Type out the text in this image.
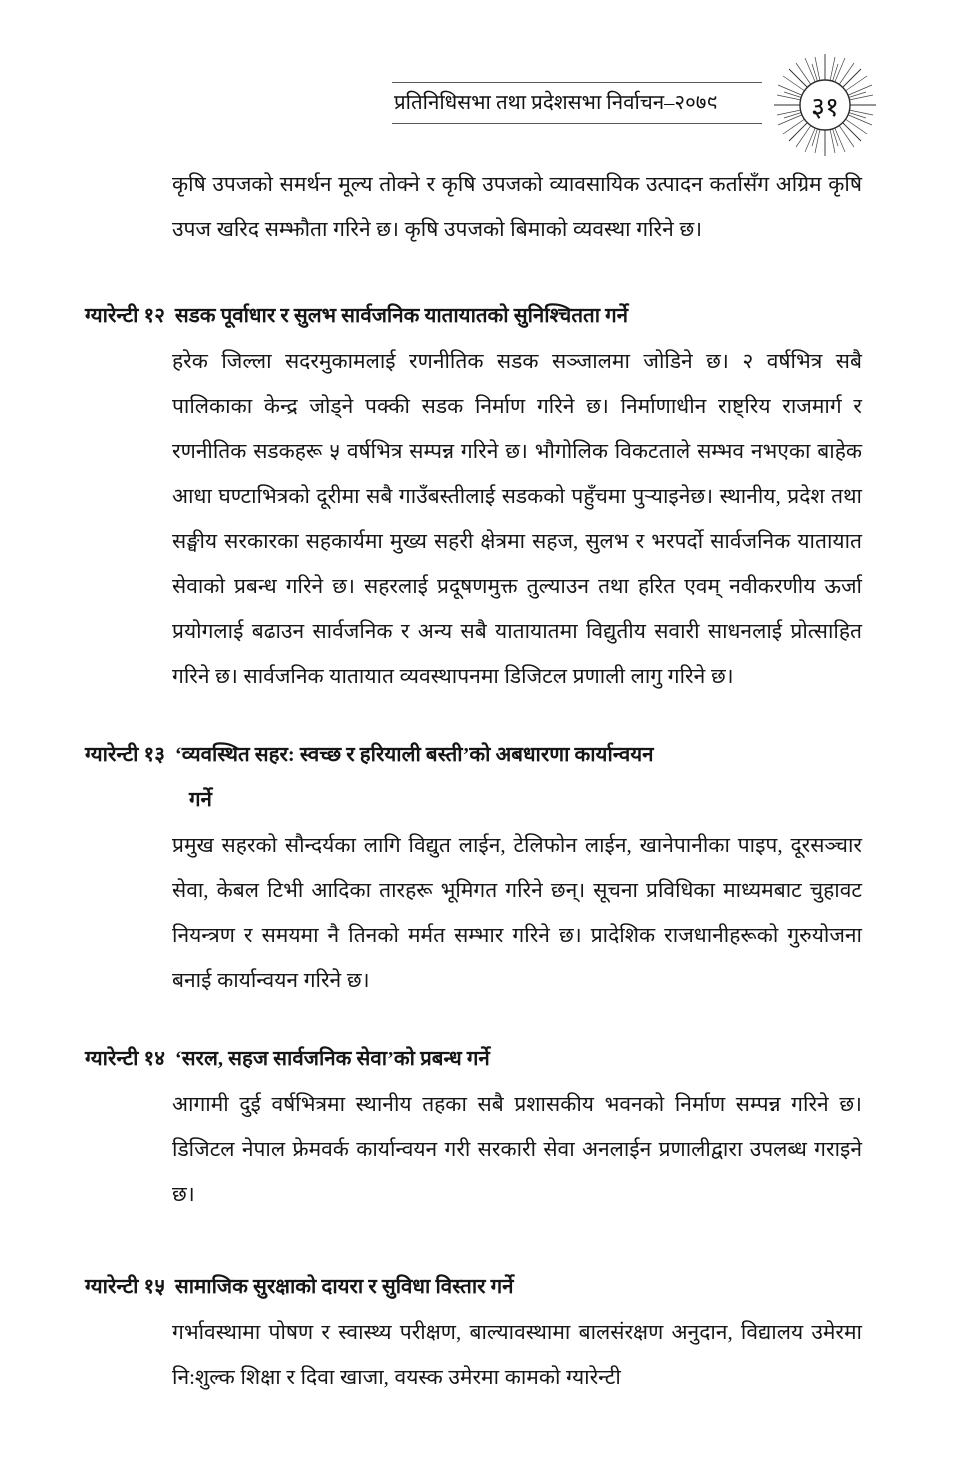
प्रतिनिधिसभा तथा प्रदेशसभा निर्वाचन–२०७९	३१

कृषि उपजको समर्थन मूल्य तोक्ने र कृषि उपजको व्यावसायिक उत्पादन कर्तासँग अग्रिम कृषि उपज खरिद सम्झौता गरिने छ। कृषि उपजको बिमाको व्यवस्था गरिने छ।

ग्यारेन्टी १२ सडक पूर्वाधार र सुलभ सार्वजनिक यातायातको सुनिश्चितता गर्ने

हरेक जिल्ला सदरमुकामलाई रणनीतिक सडक सञ्जालमा जोडिने छ। २ वर्षभित्र सबै पालिकाका केन्द्र जोड्ने पक्की सडक निर्माण गरिने छ। निर्माणाधीन राष्ट्रिय राजमार्ग र रणनीतिक सडकहरू ५ वर्षभित्र सम्पन्न गरिने छ। भौगोलिक विकटताले सम्भव नभएका बाहेक आधा घण्टाभित्रको दूरीमा सबै गाउँबस्तीलाई सडकको पहुँचमा पुऱ्याइनेछ। स्थानीय, प्रदेश तथा सङ्घीय सरकारका सहकार्यमा मुख्य सहरी क्षेत्रमा सहज, सुलभ र भरपर्दो सार्वजनिक यातायात सेवाको प्रबन्ध गरिने छ। सहरलाई प्रदूषणमुक्त तुल्याउन तथा हरित एवम् नवीकरणीय ऊर्जा प्रयोगलाई बढाउन सार्वजनिक र अन्य सबै यातायातमा विद्युतीय सवारी साधनलाई प्रोत्साहित गरिने छ। सार्वजनिक यातायात व्यवस्थापनमा डिजिटल प्रणाली लागु गरिने छ।

ग्यारेन्टी १३ ‘व्यवस्थित सहर: स्वच्छ र हरियाली बस्ती’को अबधारणा कार्यान्वयन
गर्ने

प्रमुख सहरको सौन्दर्यका लागि विद्युत लाईन, टेलिफोन लाईन, खानेपानीका पाइप, दूरसञ्चार सेवा, केबल टिभी आदिका तारहरू भूमिगत गरिने छन्। सूचना प्रविधिका माध्यमबाट चुहावट नियन्त्रण र समयमा नै तिनको मर्मत सम्भार गरिने छ। प्रादेशिक राजधानीहरूको गुरुयोजना बनाई कार्यान्वयन गरिने छ।

ग्यारेन्टी १४ ‘सरल, सहज सार्वजनिक सेवा’को प्रबन्ध गर्ने

आगामी दुई वर्षभित्रमा स्थानीय तहका सबै प्रशासकीय भवनको निर्माण सम्पन्न गरिने छ। डिजिटल नेपाल फ्रेमवर्क कार्यान्वयन गरी सरकारी सेवा अनलाईन प्रणालीद्वारा उपलब्ध गराइने छ।

ग्यारेन्टी १५ सामाजिक सुरक्षाको दायरा र सुविधा विस्तार गर्ने

गर्भावस्थामा पोषण र स्वास्थ्य परीक्षण, बाल्यावस्थामा बालसंरक्षण अनुदान, विद्यालय उमेरमा नि:शुल्क शिक्षा र दिवा खाजा, वयस्क उमेरमा कामको ग्यारेन्टी
